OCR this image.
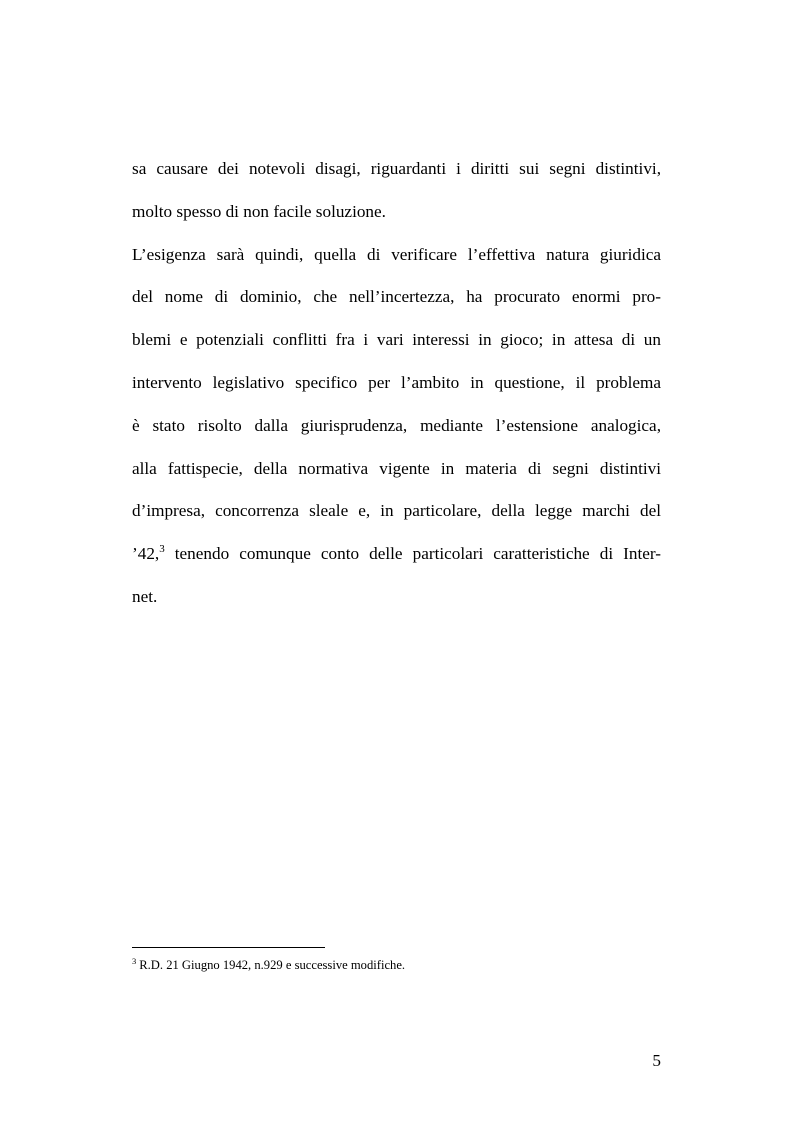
sa causare dei notevoli disagi, riguardanti i diritti sui segni distintivi,
molto spesso di non facile soluzione.
L’esigenza sarà quindi, quella di verificare l’effettiva natura giuridica
del nome di dominio, che nell’incertezza, ha procurato enormi pro-
blemi e potenziali conflitti fra i vari interessi in gioco; in attesa di un
intervento legislativo specifico per l’ambito in questione, il problema
è stato risolto dalla giurisprudenza, mediante l’estensione analogica,
alla fattispecie, della normativa vigente in materia di segni distintivi
d’impresa, concorrenza sleale e, in particolare, della legge marchi del
’42,$^3$ tenendo comunque conto delle particolari caratteristiche di Inter-
net.
$^3$ R.D. 21 Giugno 1942, n.929 e successive modifiche.
5
